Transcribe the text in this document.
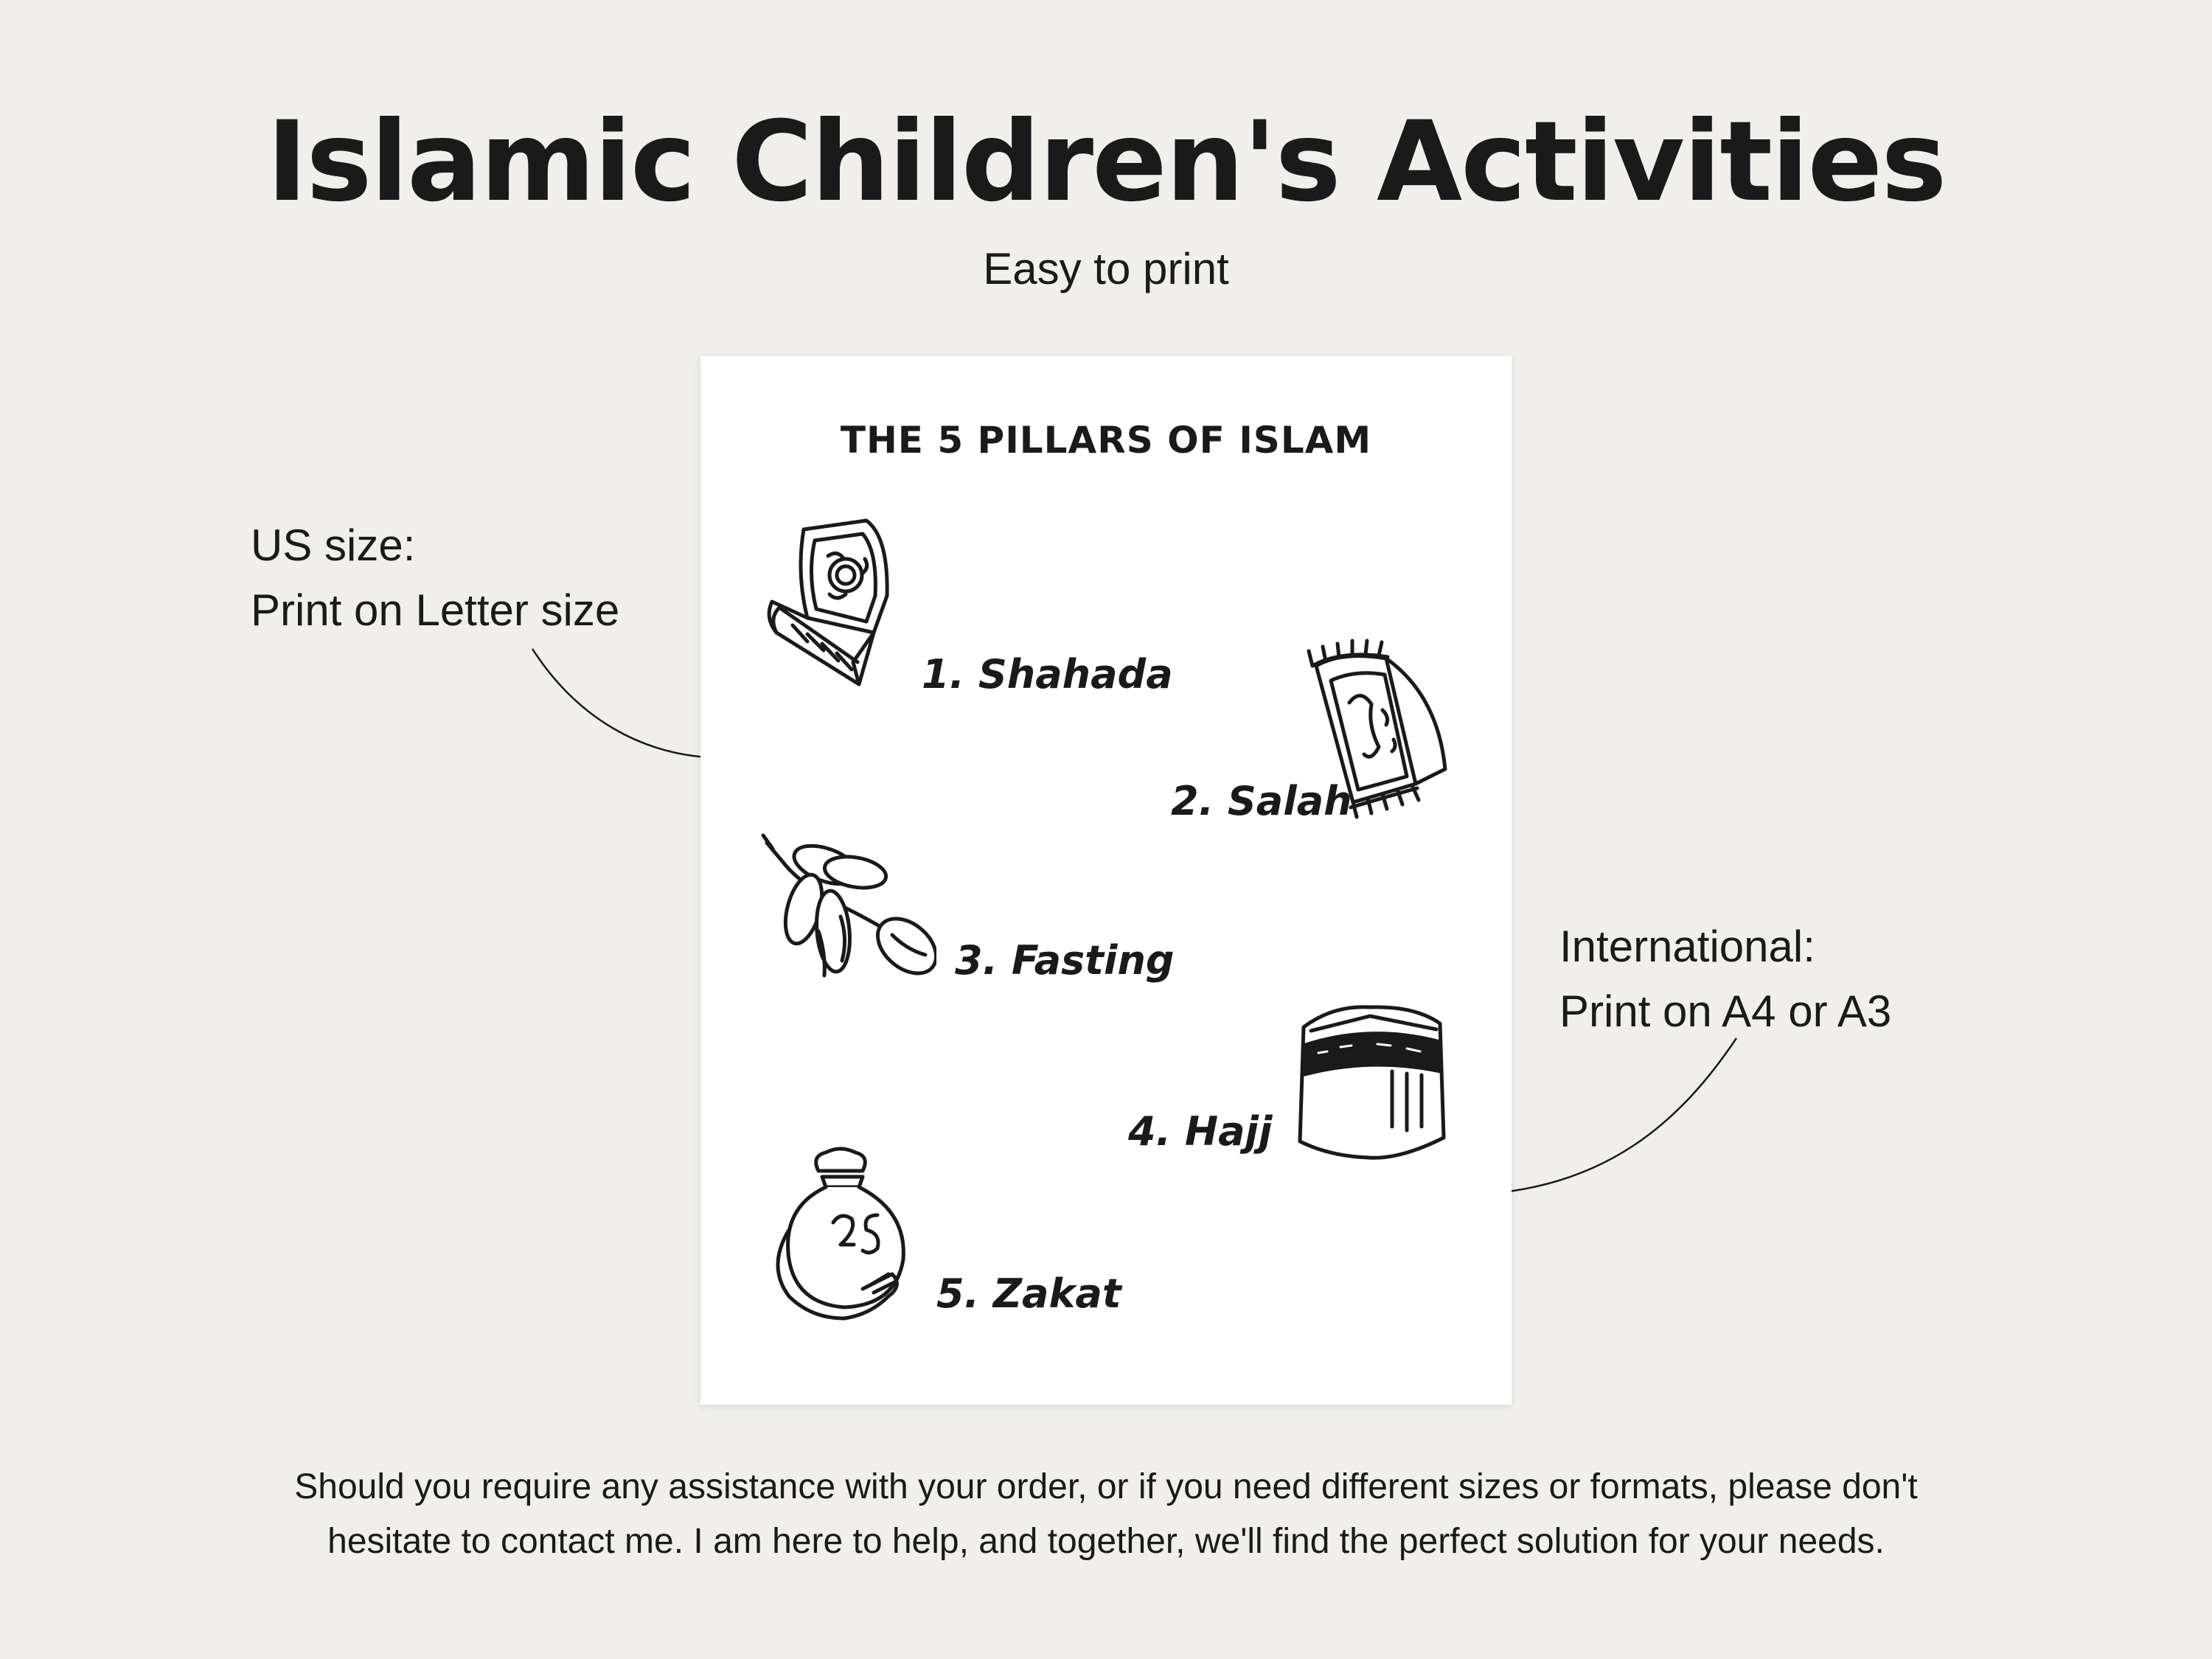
Islamic Children's Activities
Easy to print
US size:
Print on Letter size
International:
Print on A4 or A3
THE 5 PILLARS OF ISLAM
1. Shahada
2. Salah
3. Fasting
4. Hajj
5. Zakat
Should you require any assistance with your order, or if you need different sizes or formats, please don't
hesitate to contact me. I am here to help, and together, we'll find the perfect solution for your needs.
